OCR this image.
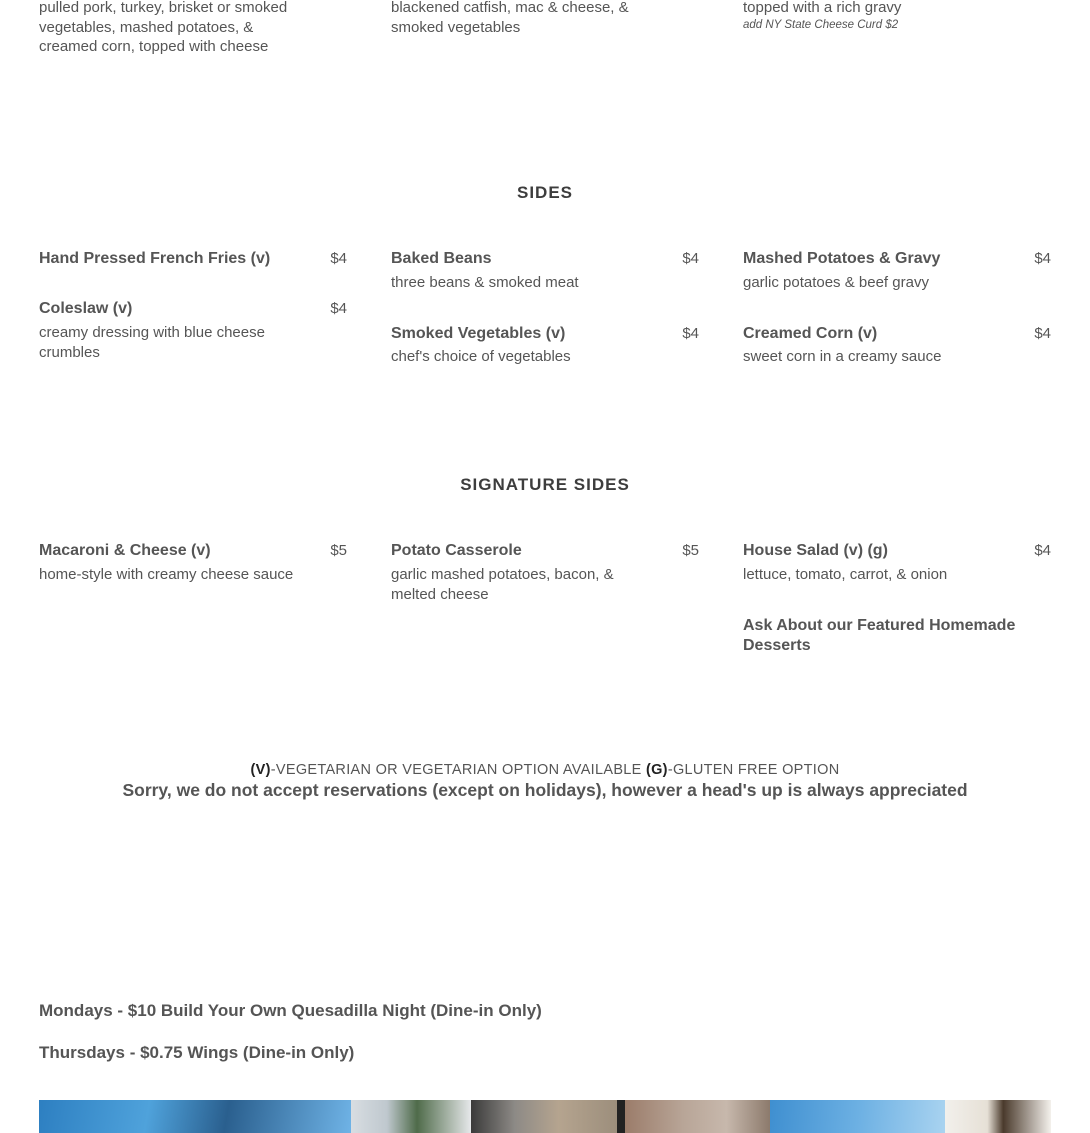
pulled pork, turkey, brisket or smoked vegetables, mashed potatoes, & creamed corn, topped with cheese
blackened catfish, mac & cheese, & smoked vegetables
topped with a rich gravy
add NY State Cheese Curd $2
SIDES
Hand Pressed French Fries (v)	$4
Coleslaw (v)	$4
creamy dressing with blue cheese crumbles
Baked Beans	$4
three beans & smoked meat
Smoked Vegetables (v)	$4
chef's choice of vegetables
Mashed Potatoes & Gravy	$4
garlic potatoes & beef gravy
Creamed Corn (v)	$4
sweet corn in a creamy sauce
SIGNATURE SIDES
Macaroni & Cheese (v)	$5
home-style with creamy cheese sauce
Potato Casserole	$5
garlic mashed potatoes, bacon, & melted cheese
House Salad (v) (g)	$4
lettuce, tomato, carrot, & onion
Ask About our Featured Homemade Desserts
(V)-VEGETARIAN OR VEGETARIAN OPTION AVAILABLE (G)-GLUTEN FREE OPTION
Sorry, we do not accept reservations (except on holidays), however a head's up is always appreciated
Mondays - $10 Build Your Own Quesadilla Night (Dine-in Only)
Thursdays - $0.75 Wings (Dine-in Only)
